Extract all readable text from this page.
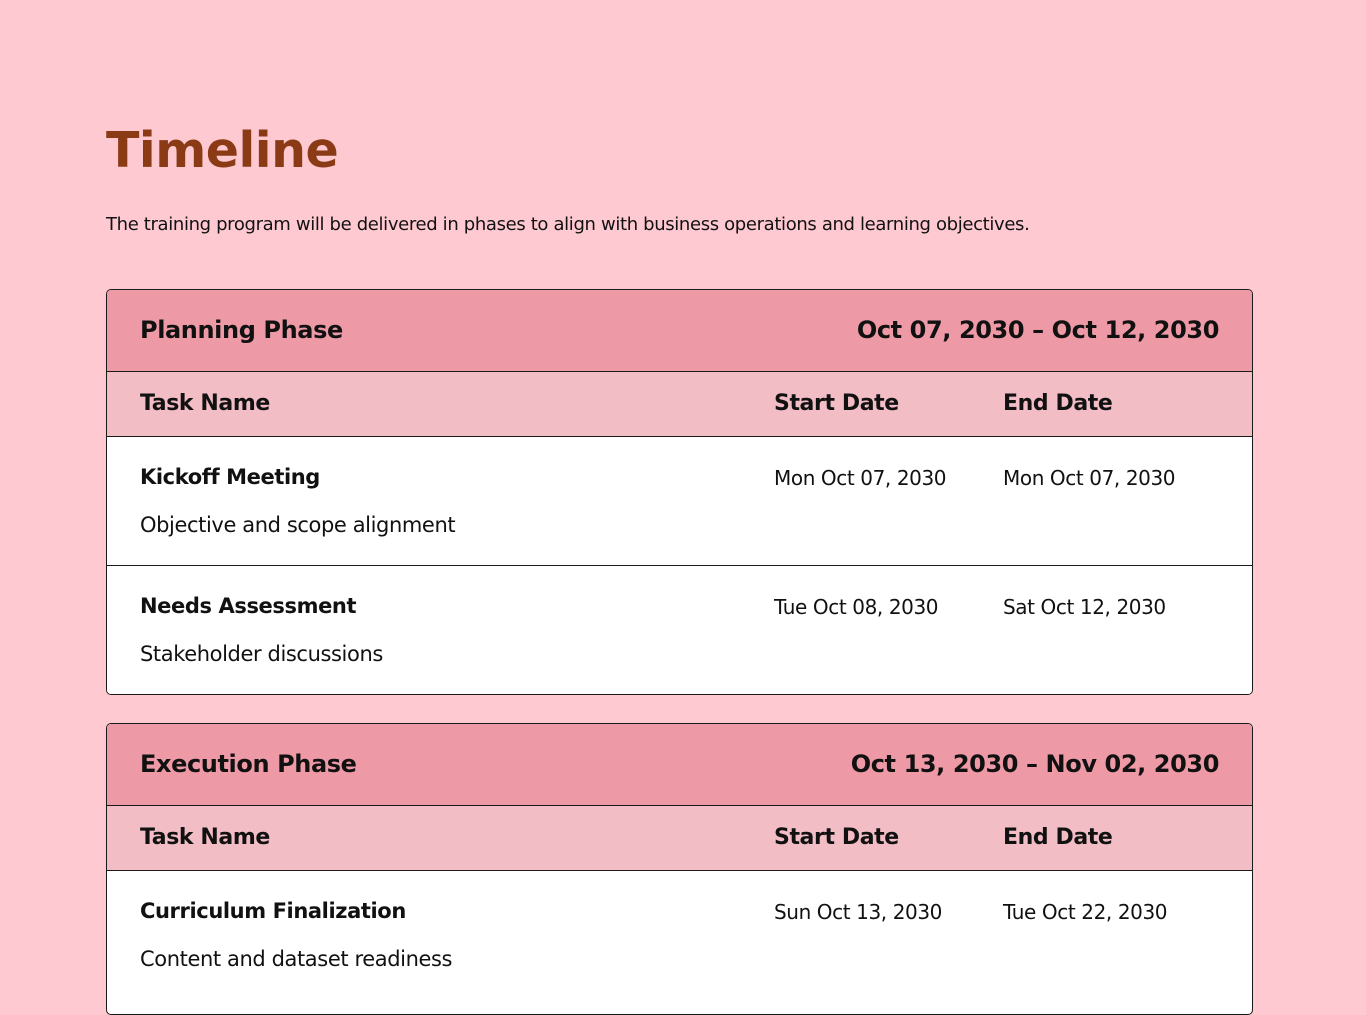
Timeline

The training program will be delivered in phases to align with business operations and learning objectives.

Planning Phase	Oct 07, 2030 – Oct 12, 2030
Task Name	Start Date	End Date
Kickoff Meeting
Objective and scope alignment
Mon Oct 07, 2030	Mon Oct 07, 2030
Needs Assessment
Stakeholder discussions
Tue Oct 08, 2030	Sat Oct 12, 2030
Execution Phase	Oct 13, 2030 – Nov 02, 2030
Task Name	Start Date	End Date
Curriculum Finalization
Content and dataset readiness
Sun Oct 13, 2030	Tue Oct 22, 2030
